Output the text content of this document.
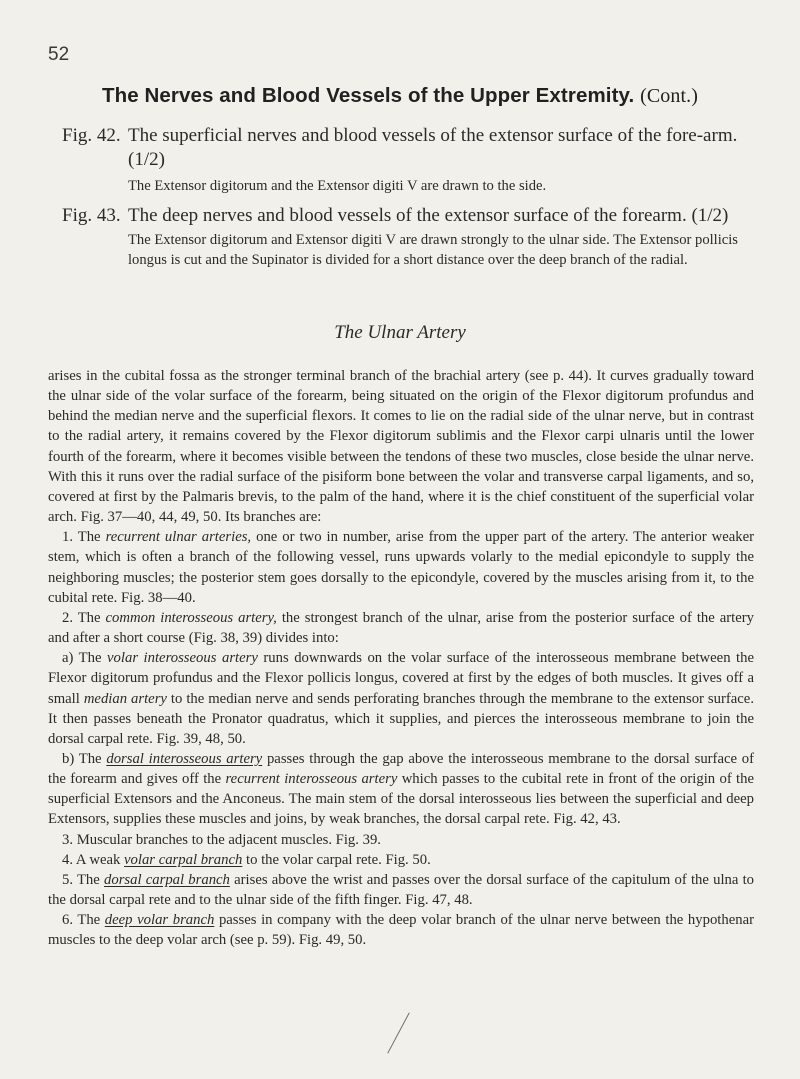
52
The Nerves and Blood Vessels of the Upper Extremity. (Cont.)
Fig. 42. The superficial nerves and blood vessels of the extensor surface of the fore-arm. (1/2)
The Extensor digitorum and the Extensor digiti V are drawn to the side.
Fig. 43. The deep nerves and blood vessels of the extensor surface of the forearm. (1/2)
The Extensor digitorum and Extensor digiti V are drawn strongly to the ulnar side. The Extensor pollicis longus is cut and the Supinator is divided for a short distance over the deep branch of the radial.
The Ulnar Artery

arises in the cubital fossa as the stronger terminal branch of the brachial artery (see p. 44). It curves gradually toward the ulnar side of the volar surface of the forearm, being situated on the origin of the Flexor digitorum profundus and behind the median nerve and the superficial flexors. It comes to lie on the radial side of the ulnar nerve, but in contrast to the radial artery, it remains covered by the Flexor digitorum sublimis and the Flexor carpi ulnaris until the lower fourth of the forearm, where it becomes visible between the tendons of these two muscles, close beside the ulnar nerve. With this it runs over the radial surface of the pisiform bone between the volar and transverse carpal ligaments, and so, covered at first by the Palmaris brevis, to the palm of the hand, where it is the chief constituent of the superficial volar arch. Fig. 37—40, 44, 49, 50. Its branches are:

1. The recurrent ulnar arteries, one or two in number, arise from the upper part of the artery. The anterior weaker stem, which is often a branch of the following vessel, runs upwards volarly to the medial epicondyle to supply the neighboring muscles; the posterior stem goes dorsally to the epicondyle, covered by the muscles arising from it, to the cubital rete. Fig. 38—40.

2. The common interosseous artery, the strongest branch of the ulnar, arise from the posterior surface of the artery and after a short course (Fig. 38, 39) divides into:

a) The volar interosseous artery runs downwards on the volar surface of the interosseous membrane between the Flexor digitorum profundus and the Flexor pollicis longus, covered at first by the edges of both muscles. It gives off a small median artery to the median nerve and sends perforating branches through the membrane to the extensor surface. It then passes beneath the Pronator quadratus, which it supplies, and pierces the interosseous membrane to join the dorsal carpal rete. Fig. 39, 48, 50.

b) The dorsal interosseous artery passes through the gap above the interosseous membrane to the dorsal surface of the forearm and gives off the recurrent interosseous artery which passes to the cubital rete in front of the origin of the superficial Extensors and the Anconeus. The main stem of the dorsal interosseous lies between the superficial and deep Extensors, supplies these muscles and joins, by weak branches, the dorsal carpal rete. Fig. 42, 43.

3. Muscular branches to the adjacent muscles. Fig. 39.

4. A weak volar carpal branch to the volar carpal rete. Fig. 50.

5. The dorsal carpal branch arises above the wrist and passes over the dorsal surface of the capitulum of the ulna to the dorsal carpal rete and to the ulnar side of the fifth finger. Fig. 47, 48.

6. The deep volar branch passes in company with the deep volar branch of the ulnar nerve between the hypothenar muscles to the deep volar arch (see p. 59). Fig. 49, 50.
